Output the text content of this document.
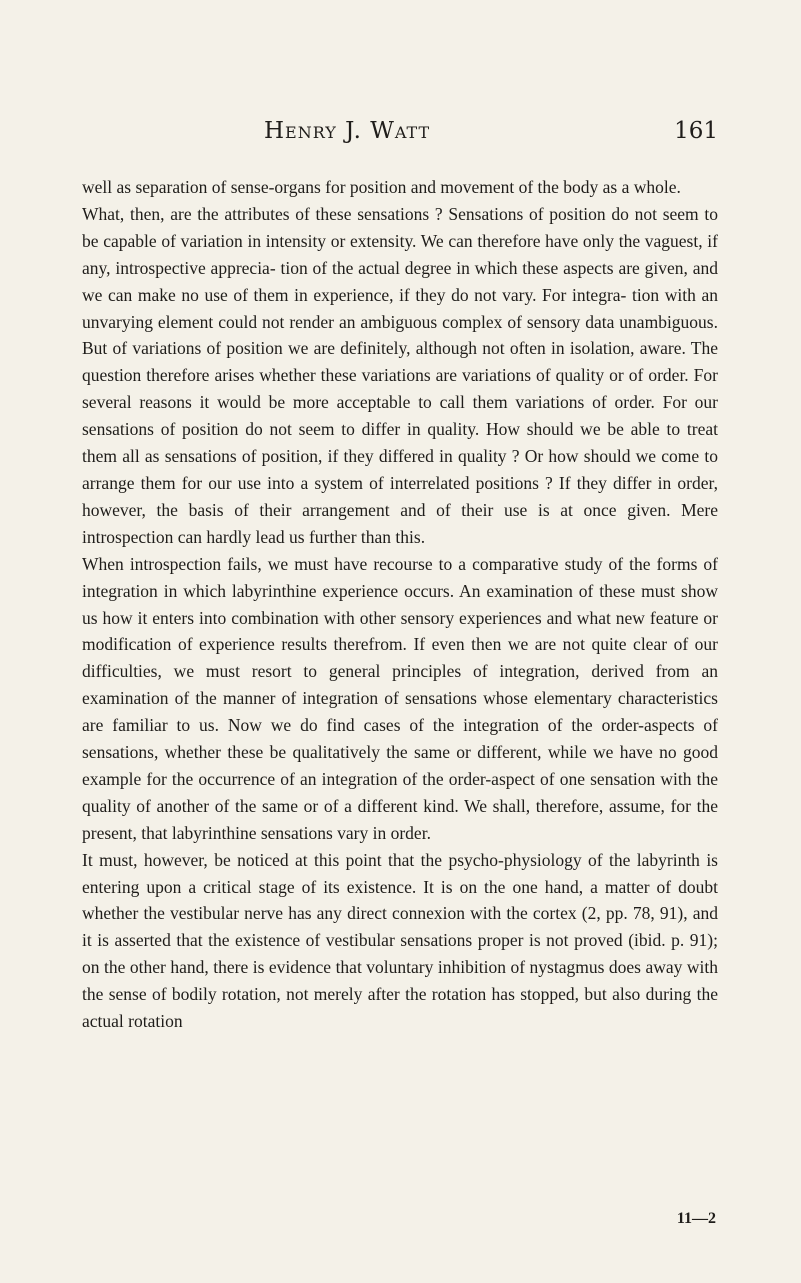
Henry J. Watt	161

well as separation of sense-organs for position and movement of the body as a whole.

What, then, are the attributes of these sensations ? Sensations of position do not seem to be capable of variation in intensity or extensity. We can therefore have only the vaguest, if any, introspective apprecia- tion of the actual degree in which these aspects are given, and we can make no use of them in experience, if they do not vary. For integra- tion with an unvarying element could not render an ambiguous complex of sensory data unambiguous. But of variations of position we are definitely, although not often in isolation, aware. The question therefore arises whether these variations are variations of quality or of order. For several reasons it would be more acceptable to call them variations of order. For our sensations of position do not seem to differ in quality. How should we be able to treat them all as sensations of position, if they differed in quality ? Or how should we come to arrange them for our use into a system of interrelated positions ? If they differ in order, however, the basis of their arrangement and of their use is at once given. Mere introspection can hardly lead us further than this.

When introspection fails, we must have recourse to a comparative study of the forms of integration in which labyrinthine experience occurs. An examination of these must show us how it enters into combination with other sensory experiences and what new feature or modification of experience results therefrom. If even then we are not quite clear of our difficulties, we must resort to general principles of integration, derived from an examination of the manner of integration of sensations whose elementary characteristics are familiar to us. Now we do find cases of the integration of the order-aspects of sensations, whether these be qualitatively the same or different, while we have no good example for the occurrence of an integration of the order-aspect of one sensation with the quality of another of the same or of a different kind. We shall, therefore, assume, for the present, that labyrinthine sensations vary in order.

It must, however, be noticed at this point that the psycho-physiology of the labyrinth is entering upon a critical stage of its existence. It is on the one hand, a matter of doubt whether the vestibular nerve has any direct connexion with the cortex (2, pp. 78, 91), and it is asserted that the existence of vestibular sensations proper is not proved (ibid. p. 91); on the other hand, there is evidence that voluntary inhibition of nystagmus does away with the sense of bodily rotation, not merely after the rotation has stopped, but also during the actual rotation

11—2
